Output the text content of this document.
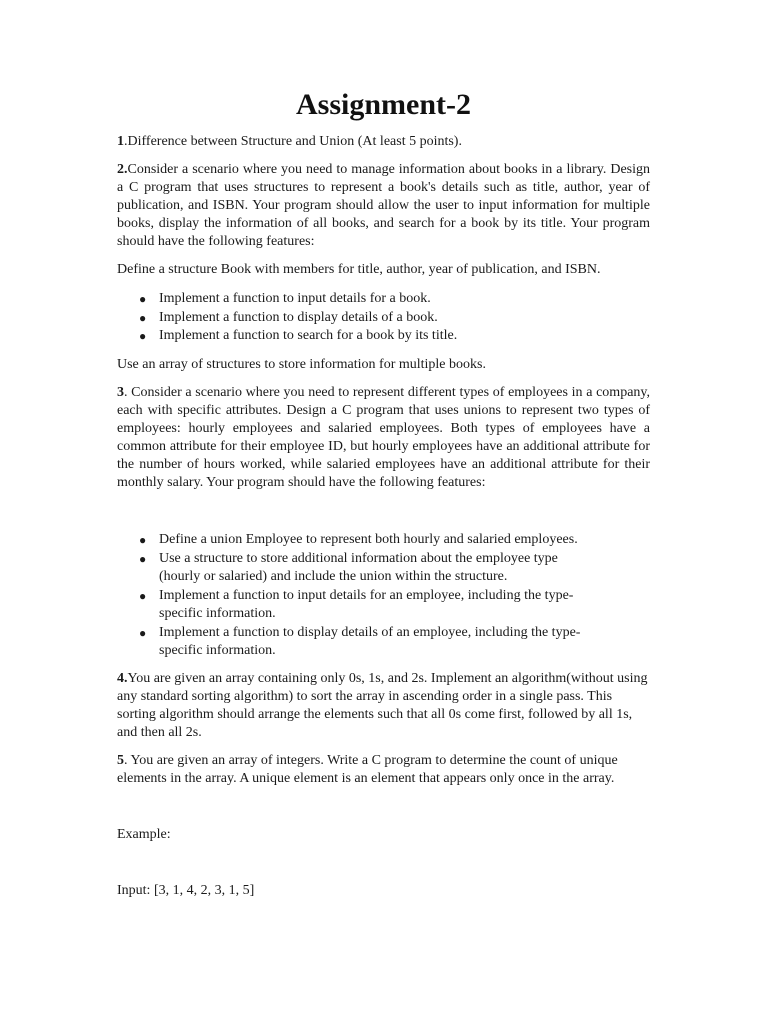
Assignment-2

1.Difference between Structure and Union (At least 5 points).

2.Consider a scenario where you need to manage information about books in a library. Design a C program that uses structures to represent a book's details such as title, author, year of publication, and ISBN. Your program should allow the user to input information for multiple books, display the information of all books, and search for a book by its title. Your program should have the following features:

Define a structure Book with members for title, author, year of publication, and ISBN.

● Implement a function to input details for a book.
● Implement a function to display details of a book.
● Implement a function to search for a book by its title.

Use an array of structures to store information for multiple books.

3. Consider a scenario where you need to represent different types of employees in a company, each with specific attributes. Design a C program that uses unions to represent two types of employees: hourly employees and salaried employees. Both types of employees have a common attribute for their employee ID, but hourly employees have an additional attribute for the number of hours worked, while salaried employees have an additional attribute for their monthly salary. Your program should have the following features:

● Define a union Employee to represent both hourly and salaried employees.
● Use a structure to store additional information about the employee type (hourly or salaried) and include the union within the structure.
● Implement a function to input details for an employee, including the type-specific information.
● Implement a function to display details of an employee, including the type-specific information.

4.You are given an array containing only 0s, 1s, and 2s. Implement an algorithm(without using any standard sorting algorithm) to sort the array in ascending order in a single pass. This sorting algorithm should arrange the elements such that all 0s come first, followed by all 1s, and then all 2s.

5. You are given an array of integers. Write a C program to determine the count of unique elements in the array. A unique element is an element that appears only once in the array.

Example:

Input: [3, 1, 4, 2, 3, 1, 5]
